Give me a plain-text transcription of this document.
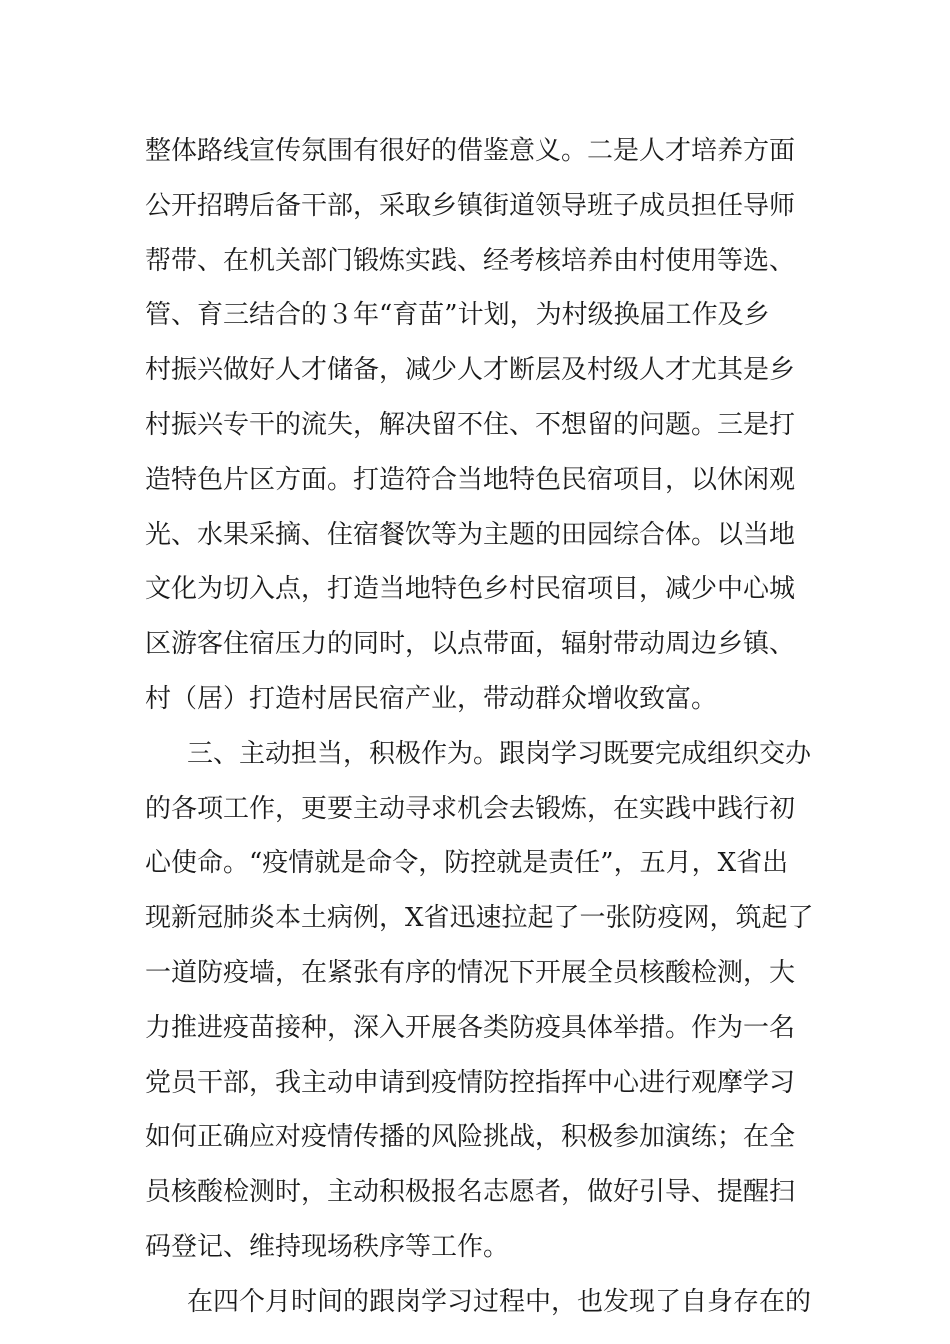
整体路线宣传氛围有很好的借鉴意义。二是人才培养方面

公开招聘后备干部，采取乡镇街道领导班子成员担任导师

帮带、在机关部门锻炼实践、经考核培养由村使用等选、

管、育三结合的３年“育苗”计划，为村级换届工作及乡

村振兴做好人才储备，减少人才断层及村级人才尤其是乡

村振兴专干的流失，解决留不住、不想留的问题。三是打

造特色片区方面。打造符合当地特色民宿项目，以休闲观

光、水果采摘、住宿餐饮等为主题的田园综合体。以当地

文化为切入点，打造当地特色乡村民宿项目，减少中心城

区游客住宿压力的同时，以点带面，辐射带动周边乡镇、

村（居）打造村居民宿产业，带动群众增收致富。

三、主动担当，积极作为。跟岗学习既要完成组织交办

的各项工作，更要主动寻求机会去锻炼，在实践中践行初

心使命。“疫情就是命令，防控就是责任”，五月，X省出

现新冠肺炎本土病例，X省迅速拉起了一张防疫网，筑起了

一道防疫墙，在紧张有序的情况下开展全员核酸检测，大

力推进疫苗接种，深入开展各类防疫具体举措。作为一名

党员干部，我主动申请到疫情防控指挥中心进行观摩学习

如何正确应对疫情传播的风险挑战，积极参加演练；在全

员核酸检测时，主动积极报名志愿者，做好引导、提醒扫

码登记、维持现场秩序等工作。

在四个月时间的跟岗学习过程中，也发现了自身存在的
